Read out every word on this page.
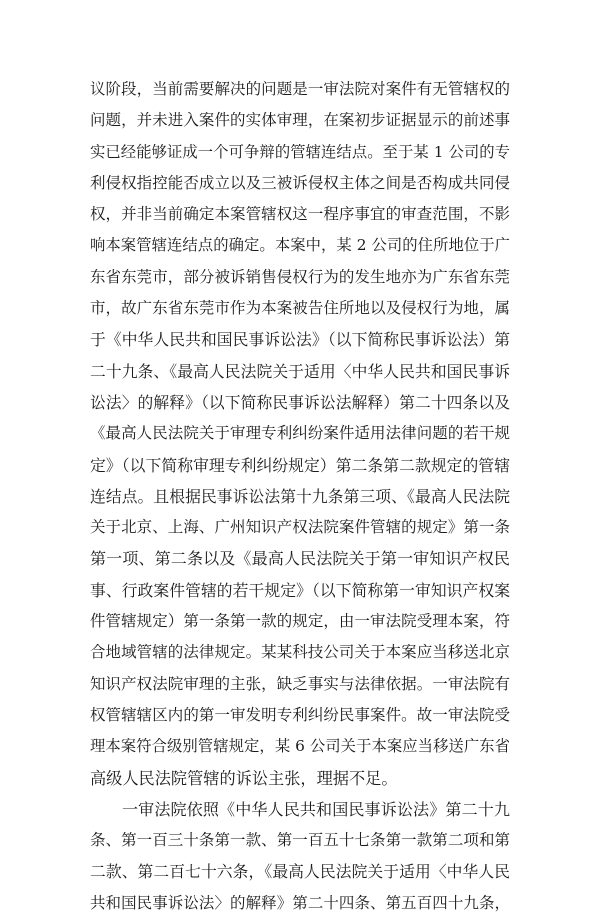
议阶段，当前需要解决的问题是一审法院对案件有无管辖权的
问题，并未进入案件的实体审理，在案初步证据显示的前述事
实已经能够证成一个可争辩的管辖连结点。至于某 1 公司的专
利侵权指控能否成立以及三被诉侵权主体之间是否构成共同侵
权，并非当前确定本案管辖权这一程序事宜的审查范围，不影
响本案管辖连结点的确定。本案中，某 2 公司的住所地位于广
东省东莞市，部分被诉销售侵权行为的发生地亦为广东省东莞
市，故广东省东莞市作为本案被告住所地以及侵权行为地，属
于《中华人民共和国民事诉讼法》（以下简称民事诉讼法）第
二十九条、《最高人民法院关于适用〈中华人民共和国民事诉
讼法〉的解释》（以下简称民事诉讼法解释）第二十四条以及
《最高人民法院关于审理专利纠纷案件适用法律问题的若干规
定》（以下简称审理专利纠纷规定）第二条第二款规定的管辖
连结点。且根据民事诉讼法第十九条第三项、《最高人民法院
关于北京、上海、广州知识产权法院案件管辖的规定》第一条
第一项、第二条以及《最高人民法院关于第一审知识产权民
事、行政案件管辖的若干规定》（以下简称第一审知识产权案
件管辖规定）第一条第一款的规定，由一审法院受理本案，符
合地域管辖的法律规定。某某科技公司关于本案应当移送北京
知识产权法院审理的主张，缺乏事实与法律依据。一审法院有
权管辖辖区内的第一审发明专利纠纷民事案件。故一审法院受
理本案符合级别管辖规定，某 6 公司关于本案应当移送广东省
高级人民法院管辖的诉讼主张，理据不足。
一审法院依照《中华人民共和国民事诉讼法》第二十九
条、第一百三十条第一款、第一百五十七条第一款第二项和第
二款、第二百七十六条，《最高人民法院关于适用〈中华人民
共和国民事诉讼法〉的解释》第二十四条、第五百四十九条，
